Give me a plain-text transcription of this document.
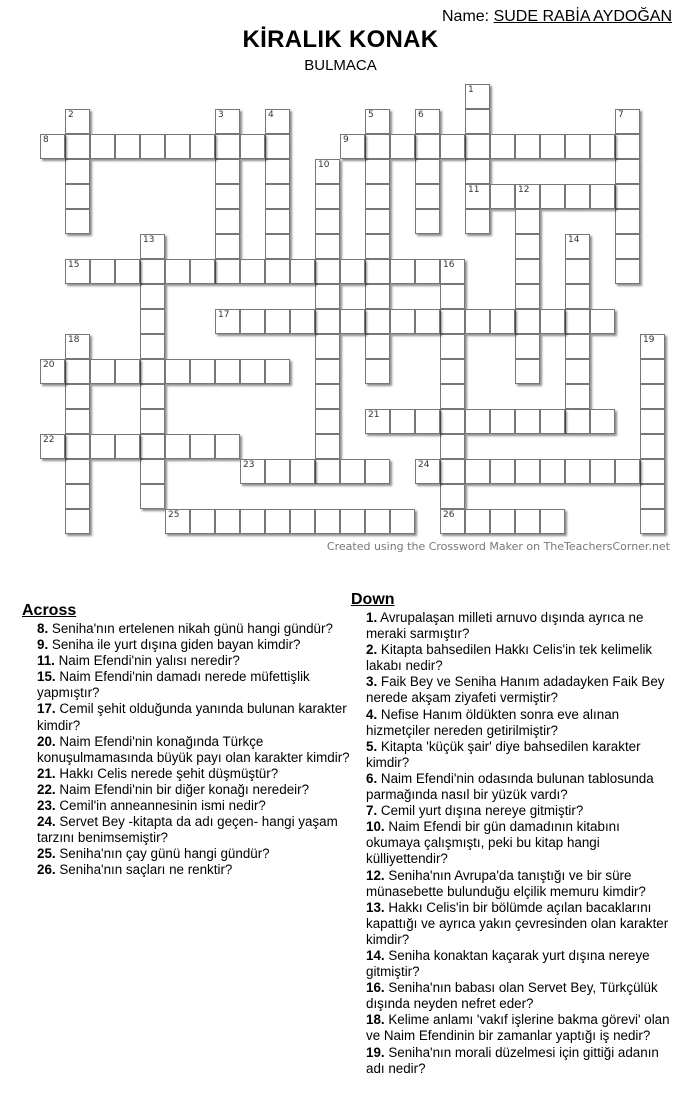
Name: SUDE RABİA AYDOĞAN
KİRALIK KONAK
BULMACA
1
11
2	3	4	5	6	7
8	9
10
12
13	14
15	16
26
17
18	19
20
21
22
23	24
25
Created using the Crossword Maker on TheTeachersCorner.net
Across
Down
8. Seniha'nın ertelenen nikah günü hangi gündür?
9. Seniha ile yurt dışına giden bayan kimdir?
11. Naim Efendi'nin yalısı neredir?
15. Naim Efendi'nin damadı nerede müfettişlik yapmıştır?
17. Cemil şehit olduğunda yanında bulunan karakter kimdir?
20. Naim Efendi'nin konağında Türkçe konuşulmamasında büyük payı olan karakter kimdir?
21. Hakkı Celis nerede şehit düşmüştür?
22. Naim Efendi'nin bir diğer konağı neredeir?
23. Cemil'in anneannesinin ismi nedir?
24. Servet Bey -kitapta da adı geçen- hangi yaşam tarzını benimsemiştir?
25. Seniha'nın çay günü hangi gündür?
26. Seniha'nın saçları ne renktir?
1. Avrupalaşan milleti arnuvo dışında ayrıca ne meraki sarmıştır?
2. Kitapta bahsedilen Hakkı Celis'in tek kelimelik lakabı nedir?
3. Faik Bey ve Seniha Hanım adadayken Faik Bey nerede akşam ziyafeti vermiştir?
4. Nefise Hanım öldükten sonra eve alınan hizmetçiler nereden getirilmiştir?
5. Kitapta 'küçük şair' diye bahsedilen karakter kimdir?
6. Naim Efendi'nin odasında bulunan tablosunda parmağında nasıl bir yüzük vardı?
7. Cemil yurt dışına nereye gitmiştir?
10. Naim Efendi bir gün damadının kitabını okumaya çalışmıştı, peki bu kitap hangi külliyettendir?
12. Seniha'nın Avrupa'da tanıştığı ve bir süre münasebette bulunduğu elçilik memuru kimdir?
13. Hakkı Celis'in bir bölümde açılan bacaklarını kapattığı ve ayrıca yakın çevresinden olan karakter kimdir?
14. Seniha konaktan kaçarak yurt dışına nereye gitmiştir?
16. Seniha'nın babası olan Servet Bey, Türkçülük dışında neyden nefret eder?
18. Kelime anlamı 'vakıf işlerine bakma görevi' olan ve Naim Efendinin bir zamanlar yaptığı iş nedir?
19. Seniha'nın morali düzelmesi için gittiği adanın adı nedir?
